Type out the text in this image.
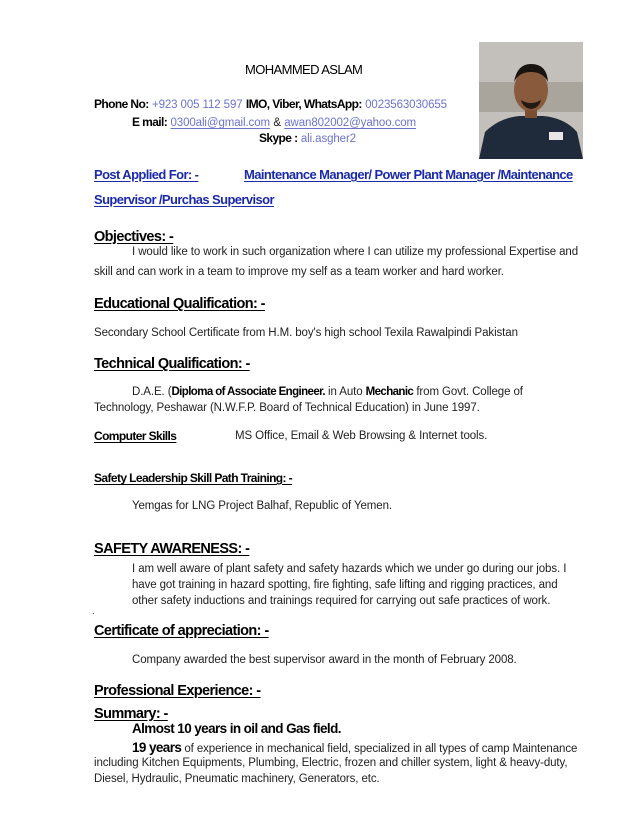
MOHAMMED ASLAM
Phone No: +923 005 112 597 IMO, Viber, WhatsApp: 0023563030655
E mail: 0300ali@gmail.com & awan802002@yahoo.com
Skype : ali.asgher2
Post Applied For: -	Maintenance Manager/ Power Plant Manager /Maintenance
Supervisor /Purchas Supervisor
Objectives: -
I would like to work in such organization where I can utilize my professional Expertise and
skill and can work in a team to improve my self as a team worker and hard worker.
Educational Qualification: -
Secondary School Certificate from H.M. boy's high school Texila Rawalpindi Pakistan
Technical Qualification: -
D.A.E. (Diploma of Associate Engineer. in Auto Mechanic from Govt. College of
Technology, Peshawar (N.W.F.P. Board of Technical Education) in June 1997.
Computer Skills	MS Office, Email & Web Browsing & Internet tools.
Safety Leadership Skill Path Training: -
Yemgas for LNG Project Balhaf, Republic of Yemen.
SAFETY AWARENESS: -
I am well aware of plant safety and safety hazards which we under go during our jobs. I
have got training in hazard spotting, fire fighting, safe lifting and rigging practices, and
other safety inductions and trainings required for carrying out safe practices of work.
.
Certificate of appreciation: -
Company awarded the best supervisor award in the month of February 2008.
Professional Experience: -
Summary: -
Almost 10 years in oil and Gas field.
19 years of experience in mechanical field, specialized in all types of camp Maintenance
including Kitchen Equipments, Plumbing, Electric, frozen and chiller system, light & heavy-duty,
Diesel, Hydraulic, Pneumatic machinery, Generators, etc.
